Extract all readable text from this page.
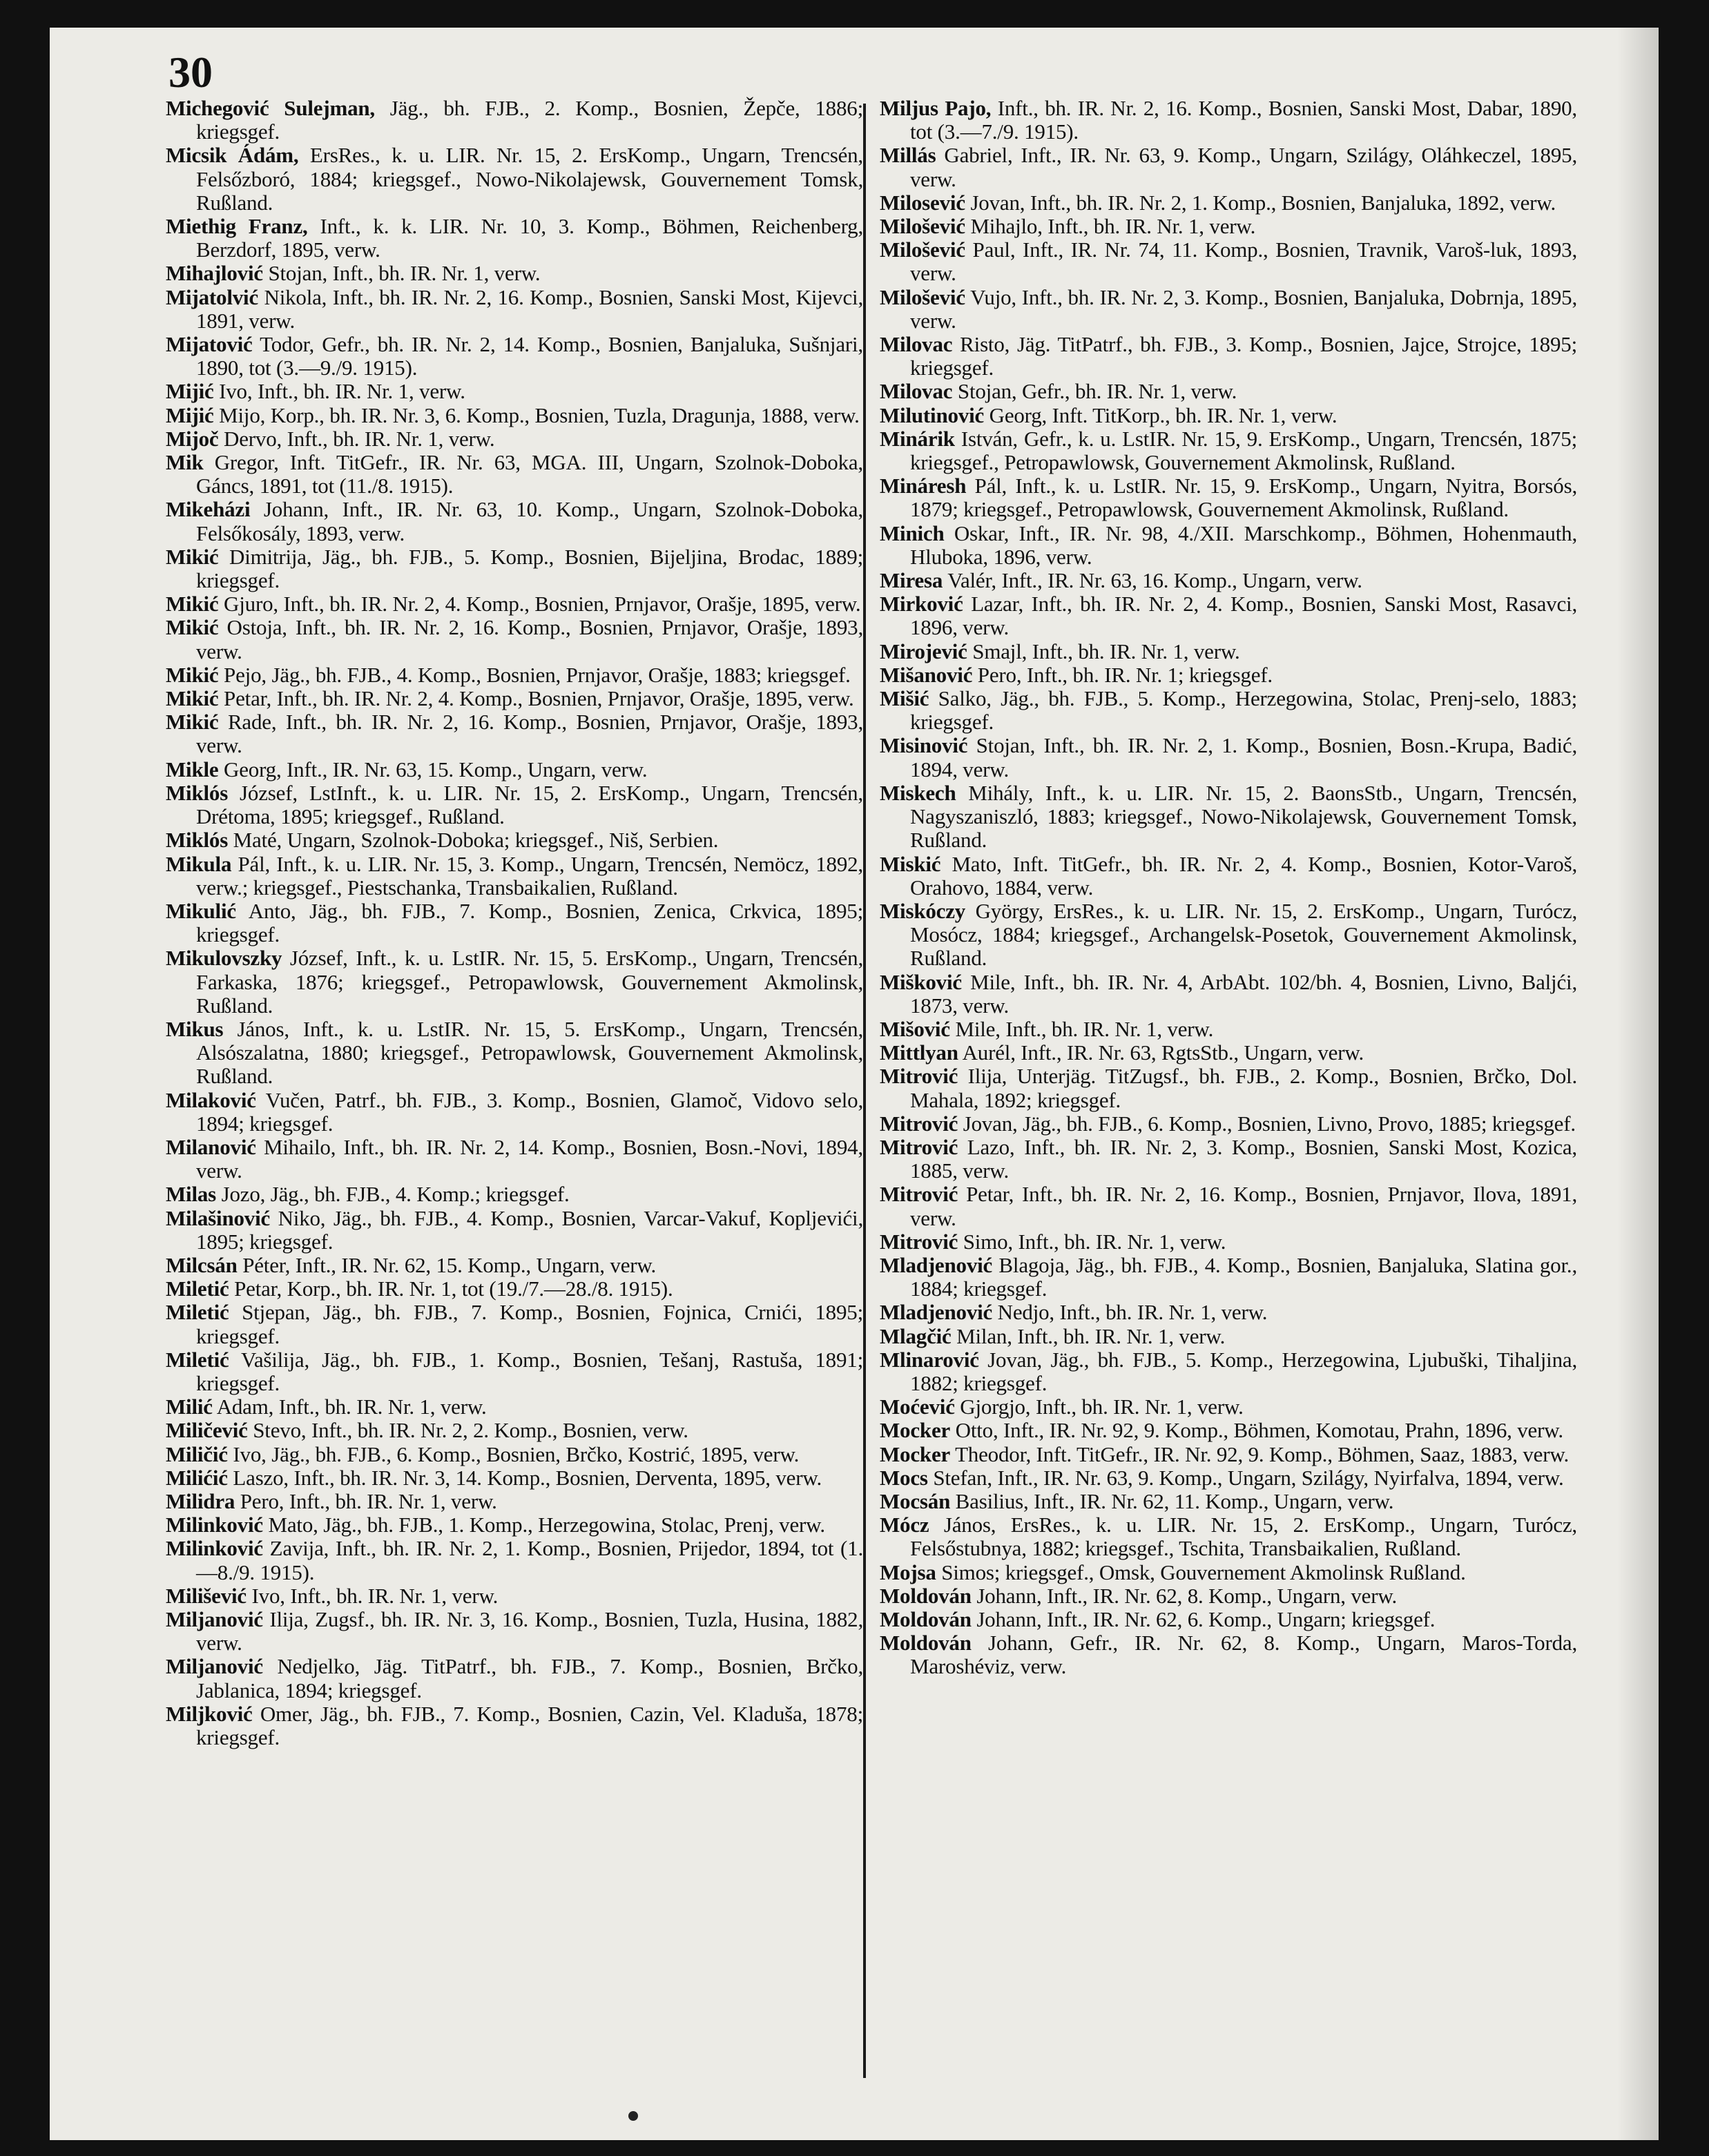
30

Michegović Sulejman, Jäg., bh. FJB., 2. Komp., Bosnien, Žepče, 1886; kriegsgef.

Micsik Ádám, ErsRes., k. u. LIR. Nr. 15, 2. ErsKomp., Ungarn, Trencsén, Felsőzboró, 1884; kriegsgef., Nowo-Nikolajewsk, Gouvernement Tomsk, Rußland.

Miethig Franz, Inft., k. k. LIR. Nr. 10, 3. Komp., Böhmen, Reichenberg, Berzdorf, 1895, verw.

Mihajlović Stojan, Inft., bh. IR. Nr. 1, verw.

Mijatolvić Nikola, Inft., bh. IR. Nr. 2, 16. Komp., Bosnien, Sanski Most, Kijevci, 1891, verw.

Mijatović Todor, Gefr., bh. IR. Nr. 2, 14. Komp., Bosnien, Banjaluka, Sušnjari, 1890, tot (3.—9./9. 1915).

Mijić Ivo, Inft., bh. IR. Nr. 1, verw.

Mijić Mijo, Korp., bh. IR. Nr. 3, 6. Komp., Bosnien, Tuzla, Dragunja, 1888, verw.

Mijoč Dervo, Inft., bh. IR. Nr. 1, verw.

Mik Gregor, Inft. TitGefr., IR. Nr. 63, MGA. III, Ungarn, Szolnok-Doboka, Gáncs, 1891, tot (11./8. 1915).

Mikeházi Johann, Inft., IR. Nr. 63, 10. Komp., Ungarn, Szolnok-Doboka, Felsőkosály, 1893, verw.

Mikić Dimitrija, Jäg., bh. FJB., 5. Komp., Bosnien, Bijeljina, Brodac, 1889; kriegsgef.

Mikić Gjuro, Inft., bh. IR. Nr. 2, 4. Komp., Bosnien, Prnjavor, Orašje, 1895, verw.

Mikić Ostoja, Inft., bh. IR. Nr. 2, 16. Komp., Bosnien, Prnjavor, Orašje, 1893, verw.

Mikić Pejo, Jäg., bh. FJB., 4. Komp., Bosnien, Prnjavor, Orašje, 1883; kriegsgef.

Mikić Petar, Inft., bh. IR. Nr. 2, 4. Komp., Bosnien, Prnjavor, Orašje, 1895, verw.

Mikić Rade, Inft., bh. IR. Nr. 2, 16. Komp., Bosnien, Prnjavor, Orašje, 1893, verw.

Mikle Georg, Inft., IR. Nr. 63, 15. Komp., Ungarn, verw.

Miklós József, LstInft., k. u. LIR. Nr. 15, 2. ErsKomp., Ungarn, Trencsén, Drétoma, 1895; kriegsgef., Rußland.

Miklós Maté, Ungarn, Szolnok-Doboka; kriegsgef., Niš, Serbien.

Mikula Pál, Inft., k. u. LIR. Nr. 15, 3. Komp., Ungarn, Trencsén, Nemöcz, 1892, verw.; kriegsgef., Piestschanka, Transbaikalien, Rußland.

Mikulić Anto, Jäg., bh. FJB., 7. Komp., Bosnien, Zenica, Crkvica, 1895; kriegsgef.

Mikulovszky József, Inft., k. u. LstIR. Nr. 15, 5. ErsKomp., Ungarn, Trencsén, Farkaska, 1876; kriegsgef., Petropawlowsk, Gouvernement Akmolinsk, Rußland.

Mikus János, Inft., k. u. LstIR. Nr. 15, 5. ErsKomp., Ungarn, Trencsén, Alsószalatna, 1880; kriegsgef., Petropawlowsk, Gouvernement Akmolinsk, Rußland.

Milaković Vučen, Patrf., bh. FJB., 3. Komp., Bosnien, Glamoč, Vidovo selo, 1894; kriegsgef.

Milanović Mihailo, Inft., bh. IR. Nr. 2, 14. Komp., Bosnien, Bosn.-Novi, 1894, verw.

Milas Jozo, Jäg., bh. FJB., 4. Komp.; kriegsgef.

Milašinović Niko, Jäg., bh. FJB., 4. Komp., Bosnien, Varcar-Vakuf, Kopljevići, 1895; kriegsgef.

Milcsán Péter, Inft., IR. Nr. 62, 15. Komp., Ungarn, verw.

Miletić Petar, Korp., bh. IR. Nr. 1, tot (19./7.—28./8. 1915).

Miletić Stjepan, Jäg., bh. FJB., 7. Komp., Bosnien, Fojnica, Crnići, 1895; kriegsgef.

Miletić Vašilija, Jäg., bh. FJB., 1. Komp., Bosnien, Tešanj, Rastuša, 1891; kriegsgef.

Milić Adam, Inft., bh. IR. Nr. 1, verw.

Miličević Stevo, Inft., bh. IR. Nr. 2, 2. Komp., Bosnien, verw.

Miličić Ivo, Jäg., bh. FJB., 6. Komp., Bosnien, Brčko, Kostrić, 1895, verw.

Milićić Laszo, Inft., bh. IR. Nr. 3, 14. Komp., Bosnien, Derventa, 1895, verw.

Milidra Pero, Inft., bh. IR. Nr. 1, verw.

Milinković Mato, Jäg., bh. FJB., 1. Komp., Herzegowina, Stolac, Prenj, verw.

Milinković Zavija, Inft., bh. IR. Nr. 2, 1. Komp., Bosnien, Prijedor, 1894, tot (1.—8./9. 1915).

Milišević Ivo, Inft., bh. IR. Nr. 1, verw.

Miljanović Ilija, Zugsf., bh. IR. Nr. 3, 16. Komp., Bosnien, Tuzla, Husina, 1882, verw.

Miljanović Nedjelko, Jäg. TitPatrf., bh. FJB., 7. Komp., Bosnien, Brčko, Jablanica, 1894; kriegsgef.

Miljković Omer, Jäg., bh. FJB., 7. Komp., Bosnien, Cazin, Vel. Kladuša, 1878; kriegsgef.

Miljus Pajo, Inft., bh. IR. Nr. 2, 16. Komp., Bosnien, Sanski Most, Dabar, 1890, tot (3.—7./9. 1915).

Millás Gabriel, Inft., IR. Nr. 63, 9. Komp., Ungarn, Szilágy, Oláhkeczel, 1895, verw.

Milosević Jovan, Inft., bh. IR. Nr. 2, 1. Komp., Bosnien, Banjaluka, 1892, verw.

Milošević Mihajlo, Inft., bh. IR. Nr. 1, verw.

Milošević Paul, Inft., IR. Nr. 74, 11. Komp., Bosnien, Travnik, Varoš-luk, 1893, verw.

Milošević Vujo, Inft., bh. IR. Nr. 2, 3. Komp., Bosnien, Banjaluka, Dobrnja, 1895, verw.

Milovac Risto, Jäg. TitPatrf., bh. FJB., 3. Komp., Bosnien, Jajce, Strojce, 1895; kriegsgef.

Milovac Stojan, Gefr., bh. IR. Nr. 1, verw.

Milutinović Georg, Inft. TitKorp., bh. IR. Nr. 1, verw.

Minárik István, Gefr., k. u. LstIR. Nr. 15, 9. ErsKomp., Ungarn, Trencsén, 1875; kriegsgef., Petropawlowsk, Gouvernement Akmolinsk, Rußland.

Mináresh Pál, Inft., k. u. LstIR. Nr. 15, 9. ErsKomp., Ungarn, Nyitra, Borsós, 1879; kriegsgef., Petropawlowsk, Gouvernement Akmolinsk, Rußland.

Minich Oskar, Inft., IR. Nr. 98, 4./XII. Marschkomp., Böhmen, Hohenmauth, Hluboka, 1896, verw.

Miresa Valér, Inft., IR. Nr. 63, 16. Komp., Ungarn, verw.

Mirković Lazar, Inft., bh. IR. Nr. 2, 4. Komp., Bosnien, Sanski Most, Rasavci, 1896, verw.

Mirojević Smajl, Inft., bh. IR. Nr. 1, verw.

Mišanović Pero, Inft., bh. IR. Nr. 1; kriegsgef.

Mišić Salko, Jäg., bh. FJB., 5. Komp., Herzegowina, Stolac, Prenj-selo, 1883; kriegsgef.

Misinović Stojan, Inft., bh. IR. Nr. 2, 1. Komp., Bosnien, Bosn.-Krupa, Badić, 1894, verw.

Miskech Mihály, Inft., k. u. LIR. Nr. 15, 2. BaonsStb., Ungarn, Trencsén, Nagyszaniszló, 1883; kriegsgef., Nowo-Nikolajewsk, Gouvernement Tomsk, Rußland.

Miskić Mato, Inft. TitGefr., bh. IR. Nr. 2, 4. Komp., Bosnien, Kotor-Varoš, Orahovo, 1884, verw.

Miskóczy György, ErsRes., k. u. LIR. Nr. 15, 2. ErsKomp., Ungarn, Turócz, Mosócz, 1884; kriegsgef., Archangelsk-Posetok, Gouvernement Akmolinsk, Rußland.

Mišković Mile, Inft., bh. IR. Nr. 4, ArbAbt. 102/bh. 4, Bosnien, Livno, Baljći, 1873, verw.

Mišović Mile, Inft., bh. IR. Nr. 1, verw.

Mittlyan Aurél, Inft., IR. Nr. 63, RgtsStb., Ungarn, verw.

Mitrović Ilija, Unterjäg. TitZugsf., bh. FJB., 2. Komp., Bosnien, Brčko, Dol. Mahala, 1892; kriegsgef.

Mitrović Jovan, Jäg., bh. FJB., 6. Komp., Bosnien, Livno, Provo, 1885; kriegsgef.

Mitrović Lazo, Inft., bh. IR. Nr. 2, 3. Komp., Bosnien, Sanski Most, Kozica, 1885, verw.

Mitrović Petar, Inft., bh. IR. Nr. 2, 16. Komp., Bosnien, Prnjavor, Ilova, 1891, verw.

Mitrović Simo, Inft., bh. IR. Nr. 1, verw.

Mladjenović Blagoja, Jäg., bh. FJB., 4. Komp., Bosnien, Banjaluka, Slatina gor., 1884; kriegsgef.

Mladjenović Nedjo, Inft., bh. IR. Nr. 1, verw.

Mlagčić Milan, Inft., bh. IR. Nr. 1, verw.

Mlinarović Jovan, Jäg., bh. FJB., 5. Komp., Herzegowina, Ljubuški, Tihaljina, 1882; kriegsgef.

Moćević Gjorgjo, Inft., bh. IR. Nr. 1, verw.

Mocker Otto, Inft., IR. Nr. 92, 9. Komp., Böhmen, Komotau, Prahn, 1896, verw.

Mocker Theodor, Inft. TitGefr., IR. Nr. 92, 9. Komp., Böhmen, Saaz, 1883, verw.

Mocs Stefan, Inft., IR. Nr. 63, 9. Komp., Ungarn, Szilágy, Nyirfalva, 1894, verw.

Mocsán Basilius, Inft., IR. Nr. 62, 11. Komp., Ungarn, verw.

Mócz János, ErsRes., k. u. LIR. Nr. 15, 2. ErsKomp., Ungarn, Turócz, Felsőstubnya, 1882; kriegsgef., Tschita, Transbaikalien, Rußland.

Mojsa Simos; kriegsgef., Omsk, Gouvernement Akmolinsk Rußland.

Moldován Johann, Inft., IR. Nr. 62, 8. Komp., Ungarn, verw.

Moldován Johann, Inft., IR. Nr. 62, 6. Komp., Ungarn; kriegsgef.

Moldován Johann, Gefr., IR. Nr. 62, 8. Komp., Ungarn, Maros-Torda, Maroshéviz, verw.
